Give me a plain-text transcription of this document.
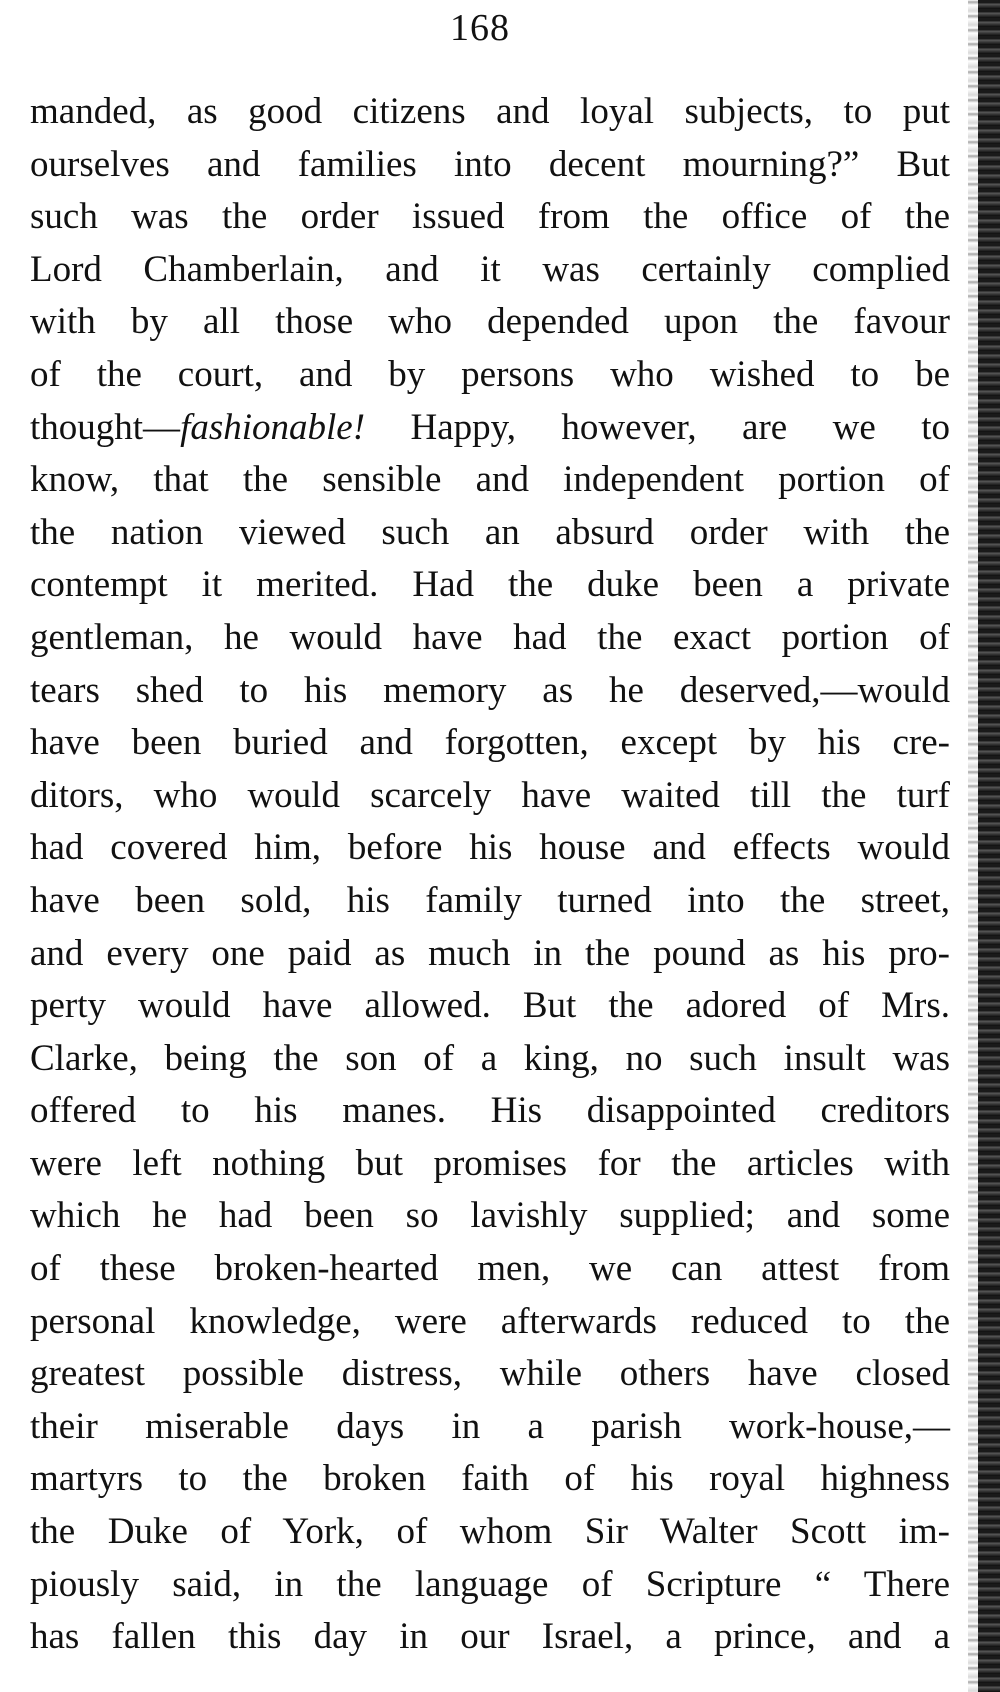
168
manded, as good citizens and loyal subjects, to put
ourselves and families into decent mourning?” But
such was the order issued from the office of the
Lord Chamberlain, and it was certainly complied
with by all those who depended upon the favour
of the court, and by persons who wished to be
thought—fashionable! Happy, however, are we to
know, that the sensible and independent portion of
the nation viewed such an absurd order with the
contempt it merited. Had the duke been a private
gentleman, he would have had the exact portion of
tears shed to his memory as he deserved,—would
have been buried and forgotten, except by his cre-
ditors, who would scarcely have waited till the turf
had covered him, before his house and effects would
have been sold, his family turned into the street,
and every one paid as much in the pound as his pro-
perty would have allowed. But the adored of Mrs.
Clarke, being the son of a king, no such insult was
offered to his manes. His disappointed creditors
were left nothing but promises for the articles with
which he had been so lavishly supplied; and some
of these broken-hearted men, we can attest from
personal knowledge, were afterwards reduced to the
greatest possible distress, while others have closed
their miserable days in a parish work-house,—
martyrs to the broken faith of his royal highness
the Duke of York, of whom Sir Walter Scott im-
piously said, in the language of Scripture “ There
has fallen this day in our Israel, a prince, and a
